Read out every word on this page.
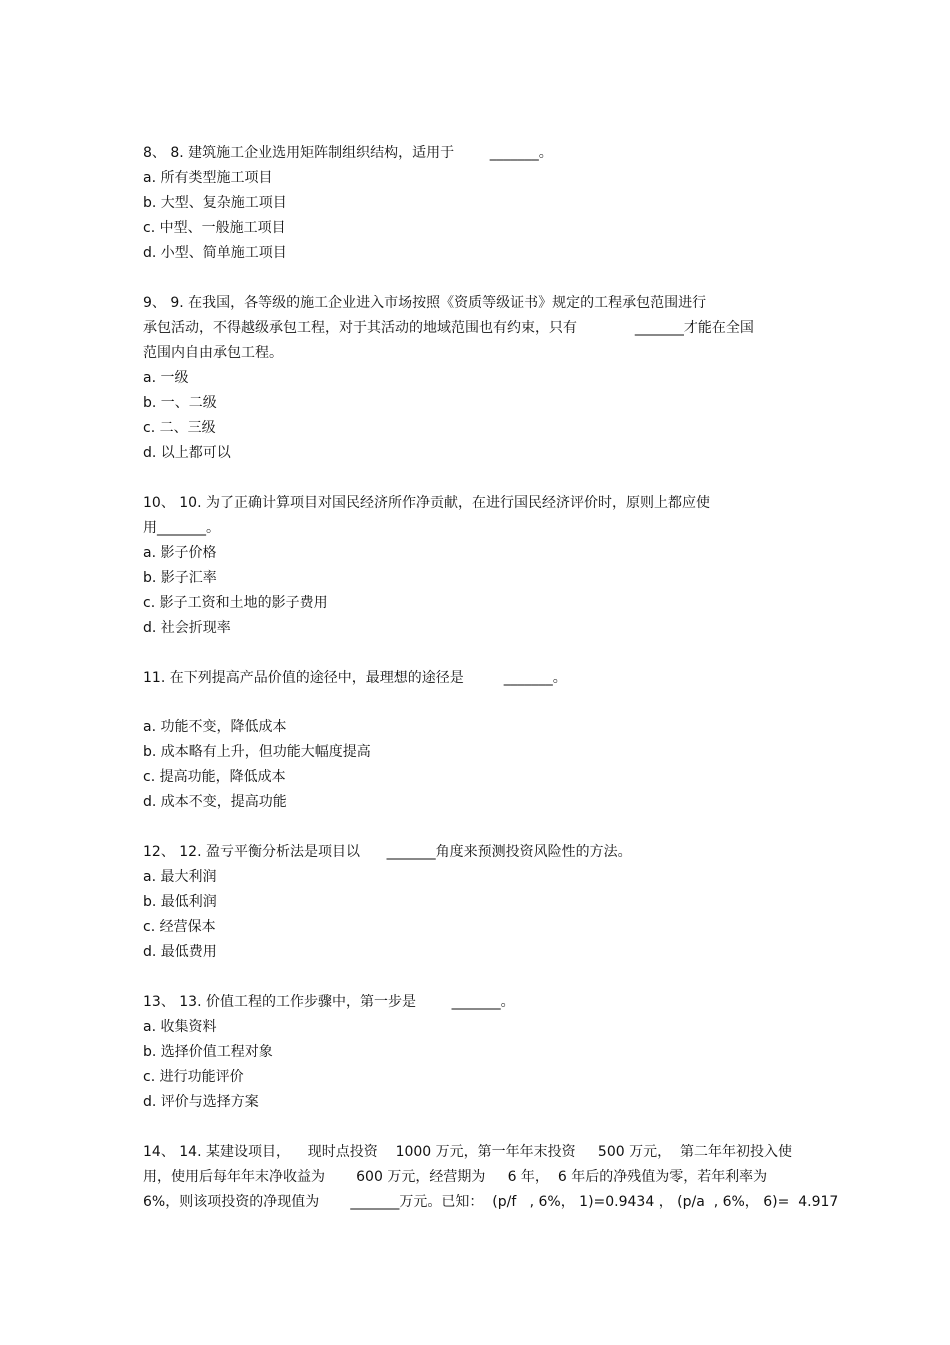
8、 8. 建筑施工企业选用矩阵制组织结构，适用于        _______。
a. 所有类型施工项目
b. 大型、复杂施工项目
c. 中型、一般施工项目
d. 小型、简单施工项目
9、 9. 在我国，各等级的施工企业进入市场按照《资质等级证书》规定的工程承包范围进行
承包活动，不得越级承包工程，对于其活动的地域范围也有约束，只有             _______才能在全国
范围内自由承包工程。
a. 一级
b. 一、二级
c. 二、三级
d. 以上都可以
10、 10. 为了正确计算项目对国民经济所作净贡献，在进行国民经济评价时，原则上都应使
用_______。
a. 影子价格
b. 影子汇率
c. 影子工资和土地的影子费用
d. 社会折现率
11. 在下列提高产品价值的途径中，最理想的途径是         _______。
a. 功能不变，降低成本
b. 成本略有上升，但功能大幅度提高
c. 提高功能，降低成本
d. 成本不变，提高功能
12、 12. 盈亏平衡分析法是项目以      _______角度来预测投资风险性的方法。
a. 最大利润
b. 最低利润
c. 经营保本
d. 最低费用
13、 13. 价值工程的工作步骤中，第一步是        _______。
a. 收集资料
b. 选择价值工程对象
c. 进行功能评价
d. 评价与选择方案
14、 14. 某建设项目，    现时点投资    1000 万元，第一年年末投资     500 万元，  第二年年初投入使
用，使用后每年年末净收益为       600 万元，经营期为     6 年，  6 年后的净残值为零，若年利率为
6%，则该项投资的净现值为       _______万元。已知：  (p/f   , 6%， 1)=0.9434 ， (p/a  , 6%， 6)=  4.917
